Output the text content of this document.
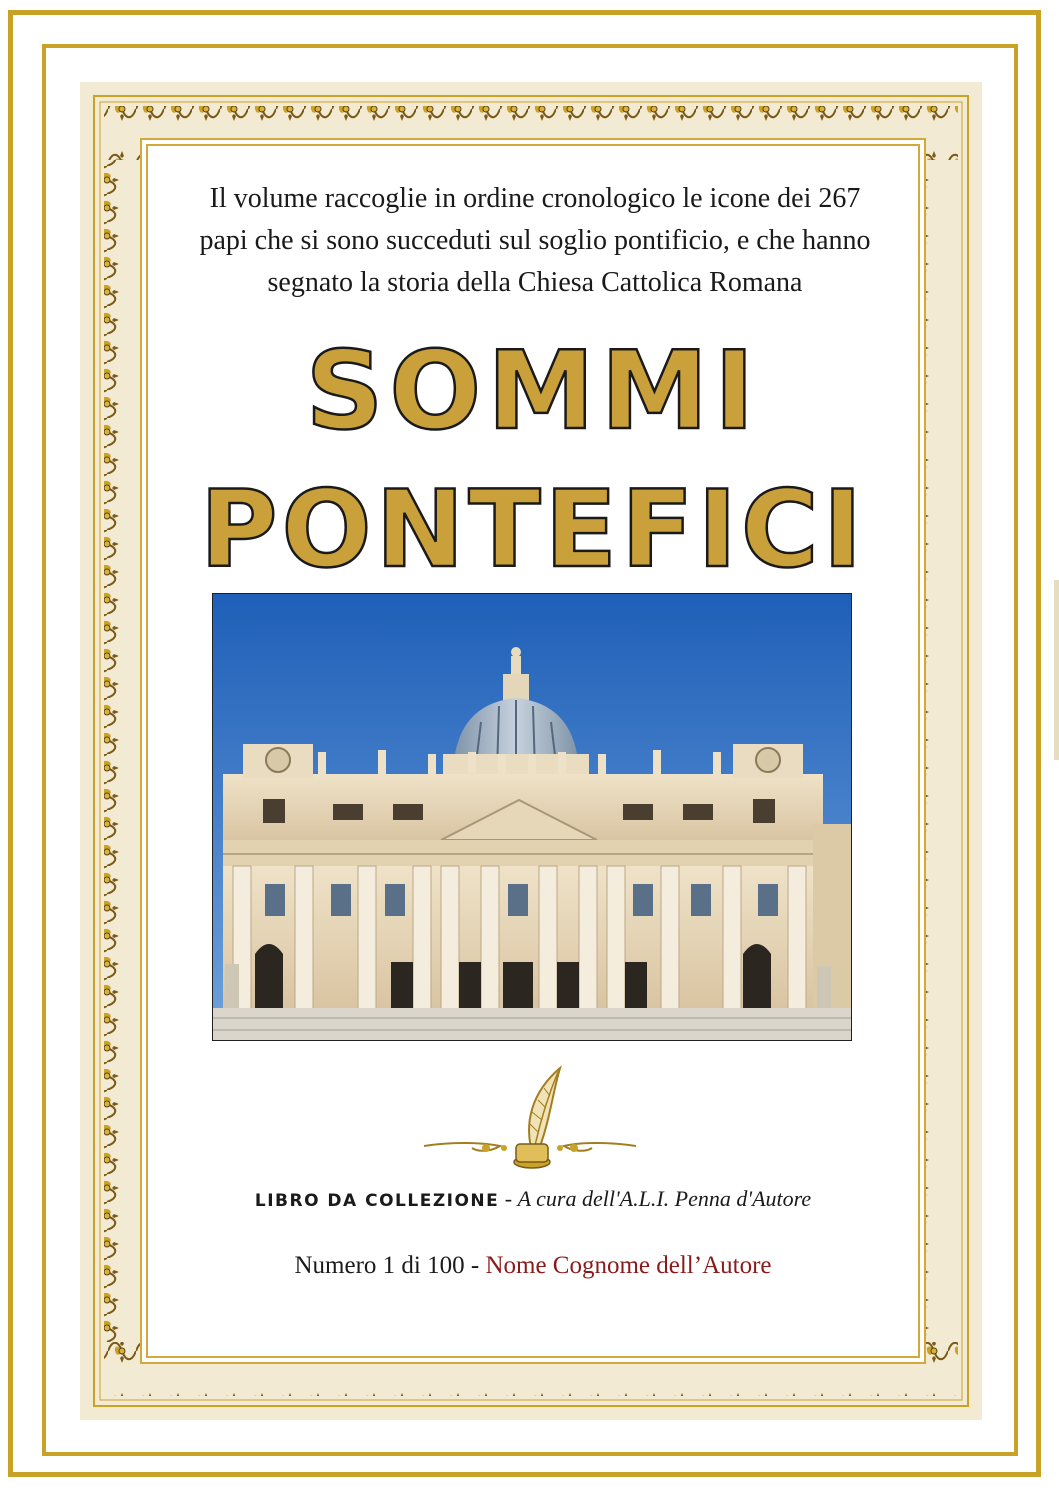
Il volume raccoglie in ordine cronologico le icone dei 267 papi che si sono succeduti sul soglio pontificio, e che hanno segnato la storia della Chiesa Cattolica Romana

SOMMI
PONTEFICI

LIBRO DA COLLEZIONE - A cura dell'A.L.I. Penna d'Autore

Numero 1 di 100 - Nome Cognome dell’Autore
